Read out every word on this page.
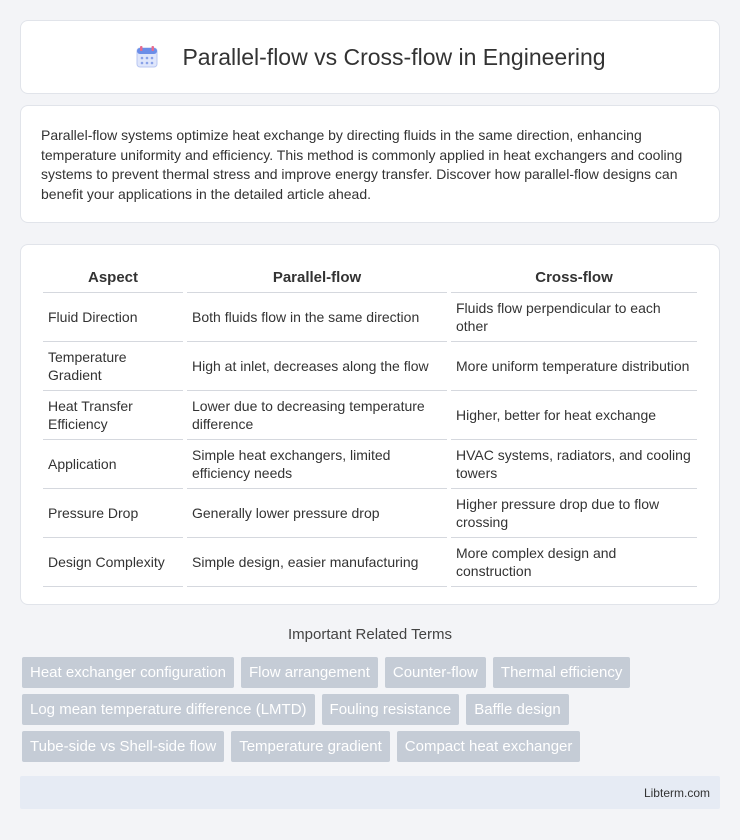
Parallel-flow vs Cross-flow in Engineering

Parallel-flow systems optimize heat exchange by directing fluids in the same direction, enhancing temperature uniformity and efficiency. This method is commonly applied in heat exchangers and cooling systems to prevent thermal stress and improve energy transfer. Discover how parallel-flow designs can benefit your applications in the detailed article ahead.

Aspect	Parallel-flow	Cross-flow
Fluid Direction	Both fluids flow in the same direction	Fluids flow perpendicular to each other
Temperature Gradient	High at inlet, decreases along the flow	More uniform temperature distribution
Heat Transfer Efficiency	Lower due to decreasing temperature difference	Higher, better for heat exchange
Application	Simple heat exchangers, limited efficiency needs	HVAC systems, radiators, and cooling towers
Pressure Drop	Generally lower pressure drop	Higher pressure drop due to flow crossing
Design Complexity	Simple design, easier manufacturing	More complex design and construction
Important Related Terms
Heat exchanger configuration	Flow arrangement	Counter-flow	Thermal efficiency
Log mean temperature difference (LMTD)	Fouling resistance	Baffle design
Tube-side vs Shell-side flow	Temperature gradient	Compact heat exchanger
Libterm.com
